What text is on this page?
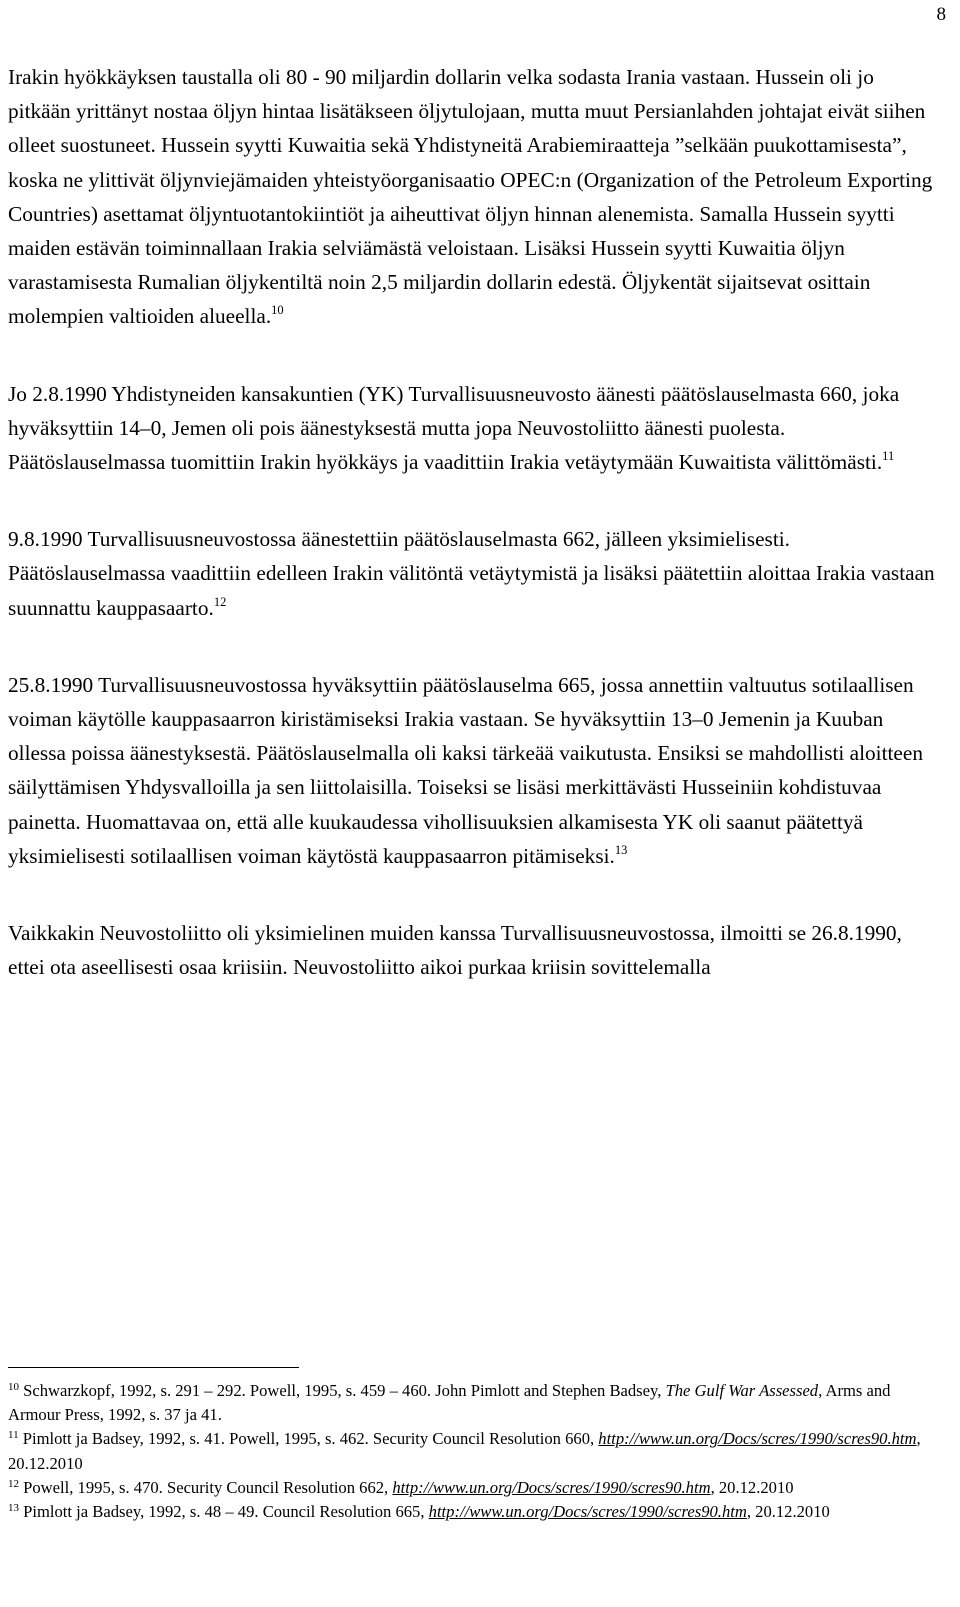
8

Irakin hyökkäyksen taustalla oli 80 - 90 miljardin dollarin velka sodasta Irania vastaan. Hussein oli jo pitkään yrittänyt nostaa öljyn hintaa lisätäkseen öljytulojaan, mutta muut Persianlahden johtajat eivät siihen olleet suostuneet. Hussein syytti Kuwaitia sekä Yhdistyneitä Arabiemiraatteja ”selkään puukottamisesta”, koska ne ylittivät öljynviejämaiden yhteistyöorganisaatio OPEC:n (Organization of the Petroleum Exporting Countries) asettamat öljyntuotantokiintiöt ja aiheuttivat öljyn hinnan alenemista. Samalla Hussein syytti maiden estävän toiminnallaan Irakia selviämästä veloistaan. Lisäksi Hussein syytti Kuwaitia öljyn varastamisesta Rumalian öljykentiltä noin 2,5 miljardin dollarin edestä. Öljykentät sijaitsevat osittain molempien valtioiden alueella.$^{10}$

Jo 2.8.1990 Yhdistyneiden kansakuntien (YK) Turvallisuusneuvosto äänesti päätöslauselmasta 660, joka hyväksyttiin 14–0, Jemen oli pois äänestyksestä mutta jopa Neuvostoliitto äänesti puolesta. Päätöslauselmassa tuomittiin Irakin hyökkäys ja vaadittiin Irakia vetäytymään Kuwaitista välittömästi.$^{11}$

9.8.1990 Turvallisuusneuvostossa äänestettiin päätöslauselmasta 662, jälleen yksimielisesti. Päätöslauselmassa vaadittiin edelleen Irakin välitöntä vetäytymistä ja lisäksi päätettiin aloittaa Irakia vastaan suunnattu kauppasaarto.$^{12}$

25.8.1990 Turvallisuusneuvostossa hyväksyttiin päätöslauselma 665, jossa annettiin valtuutus sotilaallisen voiman käytölle kauppasaarron kiristämiseksi Irakia vastaan. Se hyväksyttiin 13–0 Jemenin ja Kuuban ollessa poissa äänestyksestä. Päätöslauselmalla oli kaksi tärkeää vaikutusta. Ensiksi se mahdollisti aloitteen säilyttämisen Yhdysvalloilla ja sen liittolaisilla. Toiseksi se lisäsi merkittävästi Husseiniin kohdistuvaa painetta. Huomattavaa on, että alle kuukaudessa vihollisuuksien alkamisesta YK oli saanut päätettyä yksimielisesti sotilaallisen voiman käytöstä kauppasaarron pitämiseksi.$^{13}$

Vaikkakin Neuvostoliitto oli yksimielinen muiden kanssa Turvallisuusneuvostossa, ilmoitti se 26.8.1990, ettei ota aseellisesti osaa kriisiin. Neuvostoliitto aikoi purkaa kriisin sovittelemalla

$^{10}$ Schwarzkopf, 1992, s. 291 – 292. Powell, 1995, s. 459 – 460. John Pimlott and Stephen Badsey, The Gulf War Assessed, Arms and Armour Press, 1992, s. 37 ja 41.

$^{11}$ Pimlott ja Badsey, 1992, s. 41. Powell, 1995, s. 462. Security Council Resolution 660, http://www.un.org/Docs/scres/1990/scres90.htm, 20.12.2010

$^{12}$ Powell, 1995, s. 470. Security Council Resolution 662, http://www.un.org/Docs/scres/1990/scres90.htm, 20.12.2010

$^{13}$ Pimlott ja Badsey, 1992, s. 48 – 49. Council Resolution 665, http://www.un.org/Docs/scres/1990/scres90.htm, 20.12.2010
